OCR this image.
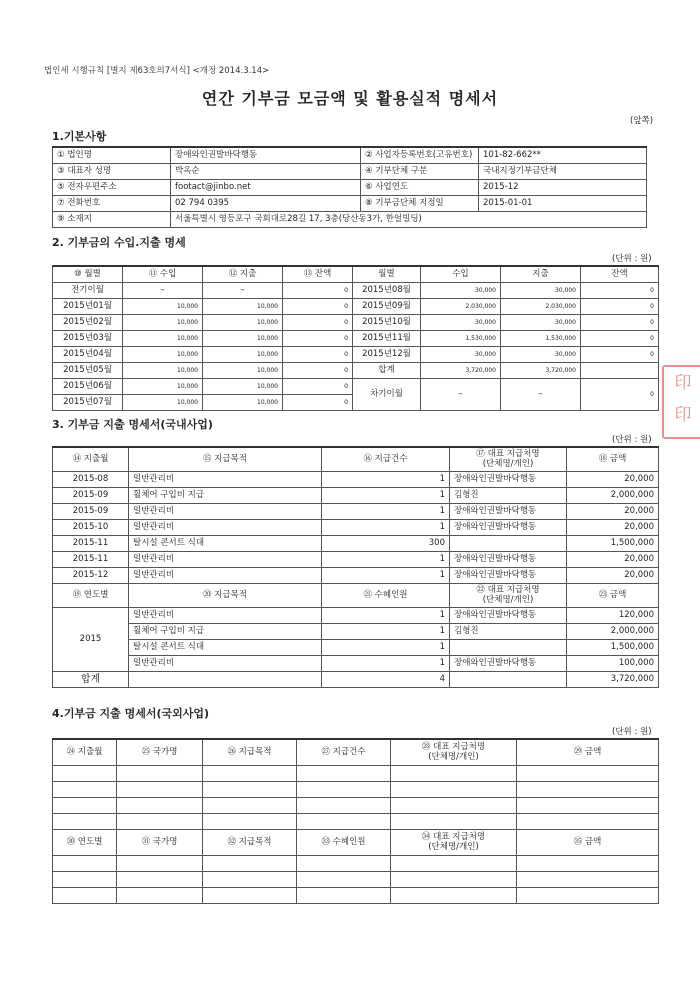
법인세 시행규칙 [별지 제63호의7서식] <개정 2014.3.14>
연간 기부금 모금액 및 활용실적 명세서
(앞쪽)
1.기본사항
① 법인명	장애와인권발바닥행동	② 사업자등록번호(고유번호)	101-82-662**
③ 대표자 성명	박옥순	④ 기부단체 구분	국내지정기부금단체
⑤ 전자우편주소	footact@jinbo.net	⑥ 사업연도	2015-12
⑦ 전화번호	02 794 0395	⑧ 기부금단체 지정일	2015-01-01
⑨ 소재지	서울특별시 영등포구 국회대로28길 17, 3층(당산동3가, 한얼빌딩)		
2. 기부금의 수입.지출 명세
(단위 : 원)
⑩ 월별	⑪ 수입	⑫ 지출	⑬ 잔액	월별	수입	지출	잔액
전기이월	–	–	0	2015년08월	30,000	30,000	0
2015년01월	10,000	10,000	0	2015년09월	2,030,000	2,030,000	0
2015년02월	10,000	10,000	0	2015년10월	30,000	30,000	0
2015년03월	10,000	10,000	0	2015년11월	1,530,000	1,530,000	0
2015년04월	10,000	10,000	0	2015년12월	30,000	30,000	0
2015년05월	10,000	10,000	0	합계	3,720,000	3,720,000	
2015년06월	10,000	10,000	0	차기이월	–	–	0
2015년07월	10,000	10,000	0				
3. 기부금 지출 명세서(국내사업)
(단위 : 원)
⑭ 지출월	⑮ 지급목적	⑯ 지급건수	⑰ 대표 지급처명
(단체명/개인)	⑱ 금액
2015-08	일반관리비	1	장애와인권발바닥행동	20,000
2015-09	휠체어 구입비 지급	1	김형진	2,000,000
2015-09	일반관리비	1	장애와인권발바닥행동	20,000
2015-10	일반관리비	1	장애와인권발바닥행동	20,000
2015-11	탈시설 콘서트 식대	300		1,500,000
2015-11	일반관리비	1	장애와인권발바닥행동	20,000
2015-12	일반관리비	1	장애와인권발바닥행동	20,000
⑲ 연도별	⑳ 지급목적	㉑ 수혜인원	㉒ 대표 지급처명
(단체명/개인)	㉓ 금액
2015	일반관리비	1	장애와인권발바닥행동	120,000
	휠체어 구입비 지급	1	김형진	2,000,000
	탈시설 콘서트 식대	1		1,500,000
	일반관리비	1	장애와인권발바닥행동	100,000
합계		4		3,720,000
4.기부금 지출 명세서(국외사업)
(단위 : 원)
㉔ 지출월	㉕ 국가명	㉖ 지급목적	㉗ 지급건수	㉘ 대표 지급처명
(단체명/개인)	㉙ 금액

㉚ 연도별	㉛ 국가명	㉜ 지급목적	㉝ 수혜인원	㉞ 대표 지급처명
(단체명/개인)	㉟ 금액

印
印
